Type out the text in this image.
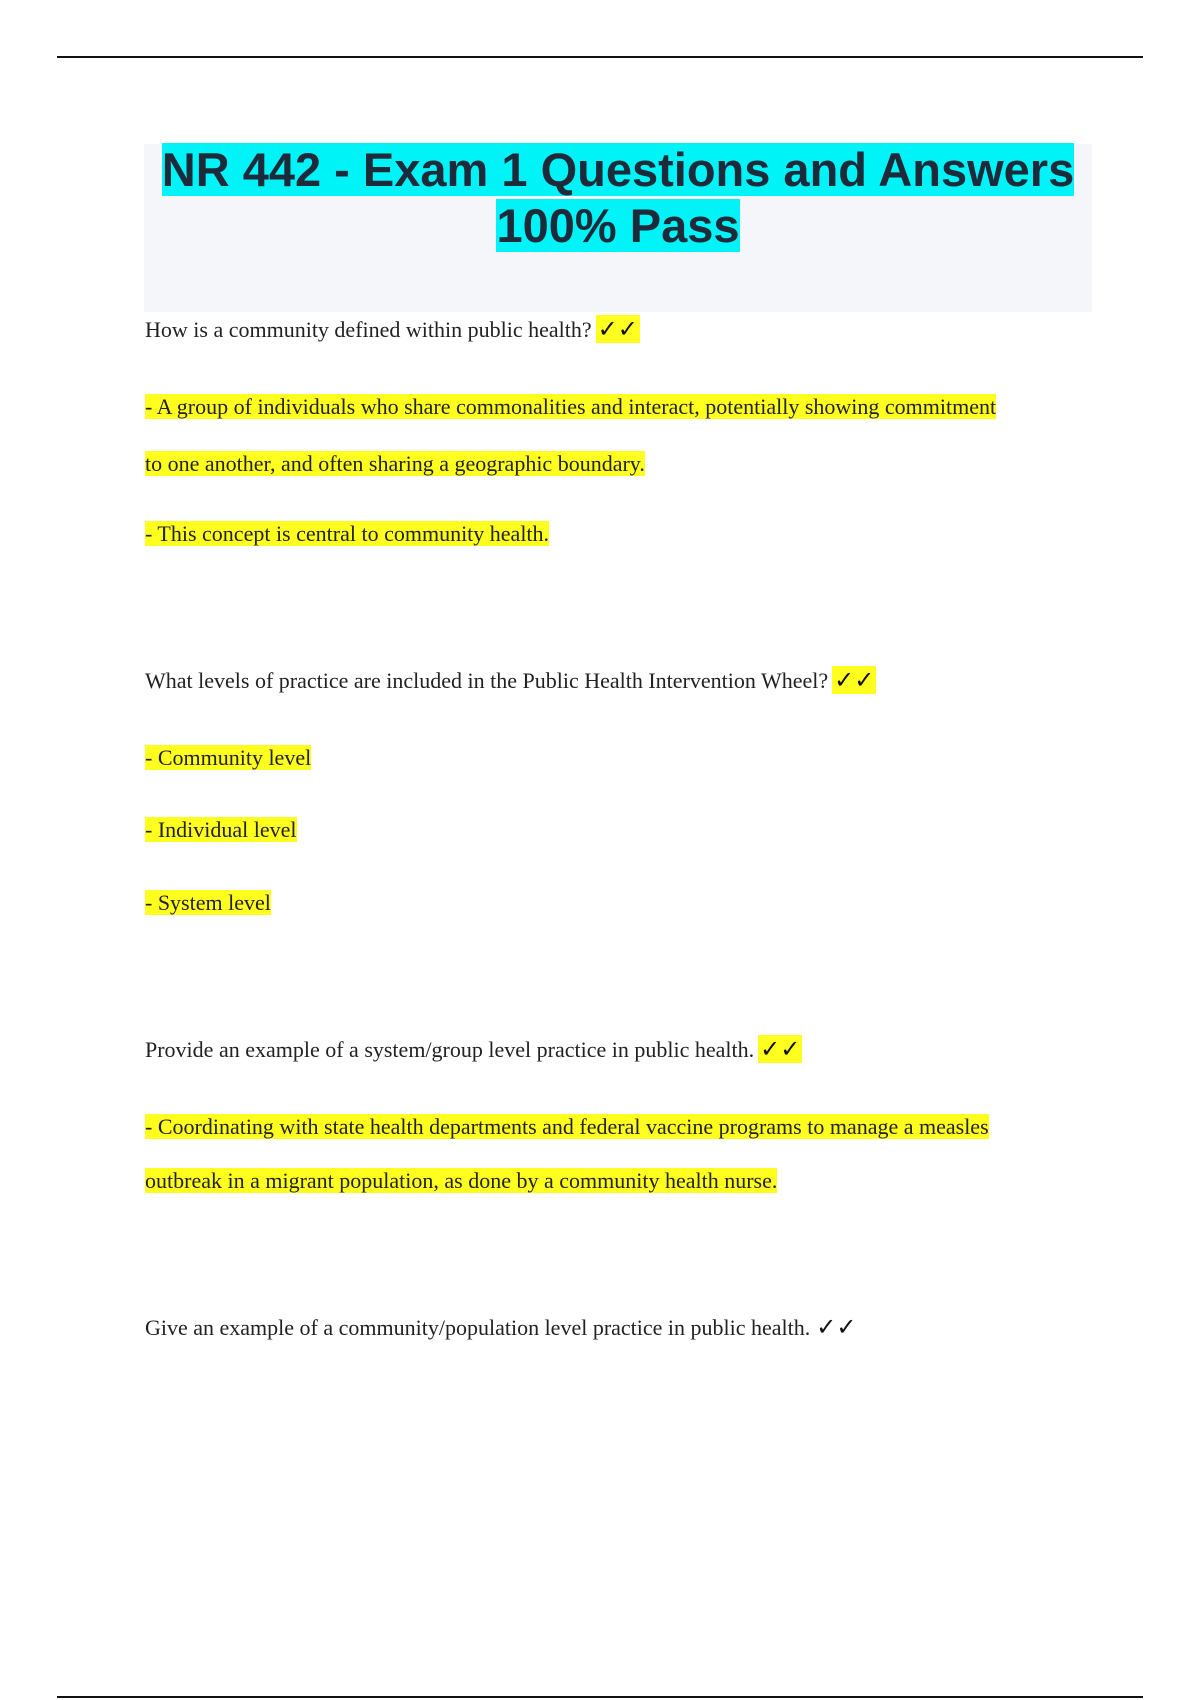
NR 442 - Exam 1 Questions and Answers 100% Pass
How is a community defined within public health? ✓✓
- A group of individuals who share commonalities and interact, potentially showing commitment
to one another, and often sharing a geographic boundary.
- This concept is central to community health.
What levels of practice are included in the Public Health Intervention Wheel? ✓✓
- Community level
- Individual level
- System level
Provide an example of a system/group level practice in public health. ✓✓
- Coordinating with state health departments and federal vaccine programs to manage a measles
outbreak in a migrant population, as done by a community health nurse.
Give an example of a community/population level practice in public health. ✓✓
